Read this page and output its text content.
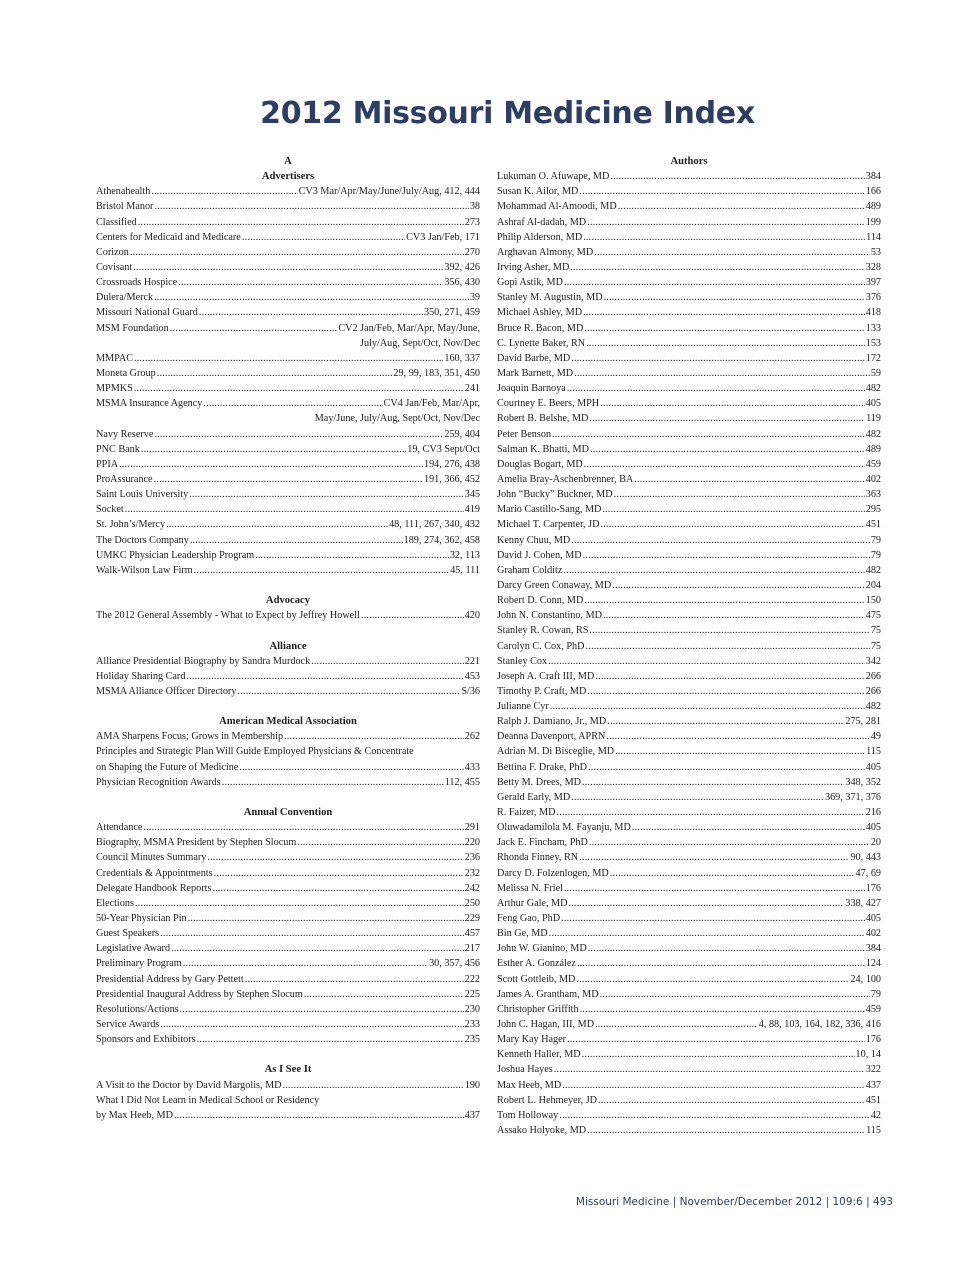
2012 Missouri Medicine Index
A
Advertisers
Athenahealth .....	CV3 Mar/Apr/May/June/July/Aug, 412, 444
Bristol Manor .....	38
Classified .....	273
Centers for Medicaid and Medicare .....	CV3 Jan/Feb, 171
Corizon .....	270
Covisant .....	392, 426
Crossroads Hospice .....	356, 430
Dulera/Merck .....	39
Missouri National Guard .....	350, 271, 459
MSM Foundation .....	CV2 Jan/Feb, Mar/Apr, May/June,
July/Aug, Sept/Oct, Nov/Dec
MMPAC .....	160, 337
Moneta Group .....	29, 99, 183, 351, 450
MPMKS .....	241
MSMA Insurance Agency .....	CV4 Jan/Feb, Mar/Apr,
May/June, July/Aug, Sept/Oct, Nov/Dec
Navy Reserve .....	259, 404
PNC Bank .....	19, CV3 Sept/Oct
PPIA .....	194, 276, 438
ProAssurance .....	191, 366, 452
Saint Louis University .....	345
Socket .....	419
St. John’s/Mercy .....	48, 111, 267, 340, 432
The Doctors Company .....	189, 274, 362, 458
UMKC Physician Leadership Program .....	32, 113
Walk-Wilson Law Firm .....	45, 111
Advocacy
The 2012 General Assembly - What to Expect by Jeffrey Howell .....	420
Alliance
Alliance Presidential Biography by Sandra Murdock .....	221
Holiday Sharing Card .....	453
MSMA Alliance Officer Directory .....	S/36
American Medical Association
AMA Sharpens Focus; Grows in Membership .....	262
Principles and Strategic Plan Will Guide Employed Physicians & Concentrate
on Shaping the Future of Medicine .....	433
Physician Recognition Awards .....	112, 455
Annual Convention
Attendance .....	291
Biography, MSMA President by Stephen Slocum .....	220
Council Minutes Summary .....	236
Credentials & Appointments .....	232
Delegate Handbook Reports .....	242
Elections .....	250
50-Year Physician Pin .....	229
Guest Speakers .....	457
Legislative Award .....	217
Preliminary Program .....	30, 357, 456
Presidential Address by Gary Pettett .....	222
Presidential Inaugural Address by Stephen Slocum .....	225
Resolutions/Actions .....	230
Service Awards .....	233
Sponsors and Exhibitors .....	235
As I See It
A Visit to the Doctor by David Margolis, MD .....	190
What I Did Not Learn in Medical School or Residency
by Max Heeb, MD .....	437
Authors
Lukuman O. Afuwape, MD .....	384
Susan K. Ailor, MD .....	166
Mohammad Al-Amoodi, MD .....	489
Ashraf Al-dadah, MD .....	199
Philip Alderson, MD .....	114
Arghavan Almony, MD .....	53
Irving Asher, MD .....	328
Gopi Astik, MD .....	397
Stanley M. Augustin, MD .....	376
Michael Ashley, MD .....	418
Bruce R. Bacon, MD .....	133
C. Lynette Baker, RN .....	153
David Barbe, MD .....	172
Mark Barnett, MD .....	59
Joaquin Barnoya .....	482
Courtney E. Beers, MPH .....	405
Robert B. Belshe, MD .....	119
Peter Benson .....	482
Salman K. Bhatti, MD .....	489
Douglas Bogart, MD .....	459
Amelia Bray-Aschenbrenner, BA .....	402
John “Bucky” Buckner, MD .....	363
Mario Castillo-Sang, MD .....	295
Michael T. Carpenter, JD .....	451
Kenny Chuu, MD .....	79
David J. Cohen, MD .....	79
Graham Colditz .....	482
Darcy Green Conaway, MD .....	204
Robert D. Conn, MD .....	150
John N. Constantino, MD .....	475
Stanley R. Cowan, RS .....	75
Carolyn C. Cox, PhD .....	75
Stanley Cox .....	342
Joseph A. Craft III, MD .....	266
Timothy P. Craft, MD .....	266
Julianne Cyr .....	482
Ralph J. Damiano, Jr., MD .....	275, 281
Deanna Davenport, APRN .....	49
Adrian M. Di Bisceglie, MD .....	115
Bettina F. Drake, PhD .....	405
Betty M. Drees, MD .....	348, 352
Gerald Early, MD .....	369, 371, 376
R. Faizer, MD .....	216
Oluwadamilola M. Fayanju, MD .....	405
Jack E. Fincham, PhD .....	20
Rhonda Finney, RN .....	90, 443
Darcy D. Folzenlogen, MD .....	47, 69
Melissa N. Friel .....	176
Arthur Gale, MD .....	338, 427
Feng Gao, PhD .....	405
Bin Ge, MD .....	402
John W. Gianino, MD .....	384
Esther A. González .....	124
Scott Gottleib, MD .....	24, 100
James A. Grantham, MD .....	79
Christopher Griffith .....	459
John C. Hagan, III, MD .....	4, 88, 103, 164, 182, 336, 416
Mary Kay Hager .....	176
Kenneth Haller, MD .....	10, 14
Joshua Hayes .....	322
Max Heeb, MD .....	437
Robert L. Hehmeyer, JD .....	451
Tom Holloway .....	42
Assako Holyoke, MD .....	115
Missouri Medicine | November/December 2012 | 109:6 | 493
